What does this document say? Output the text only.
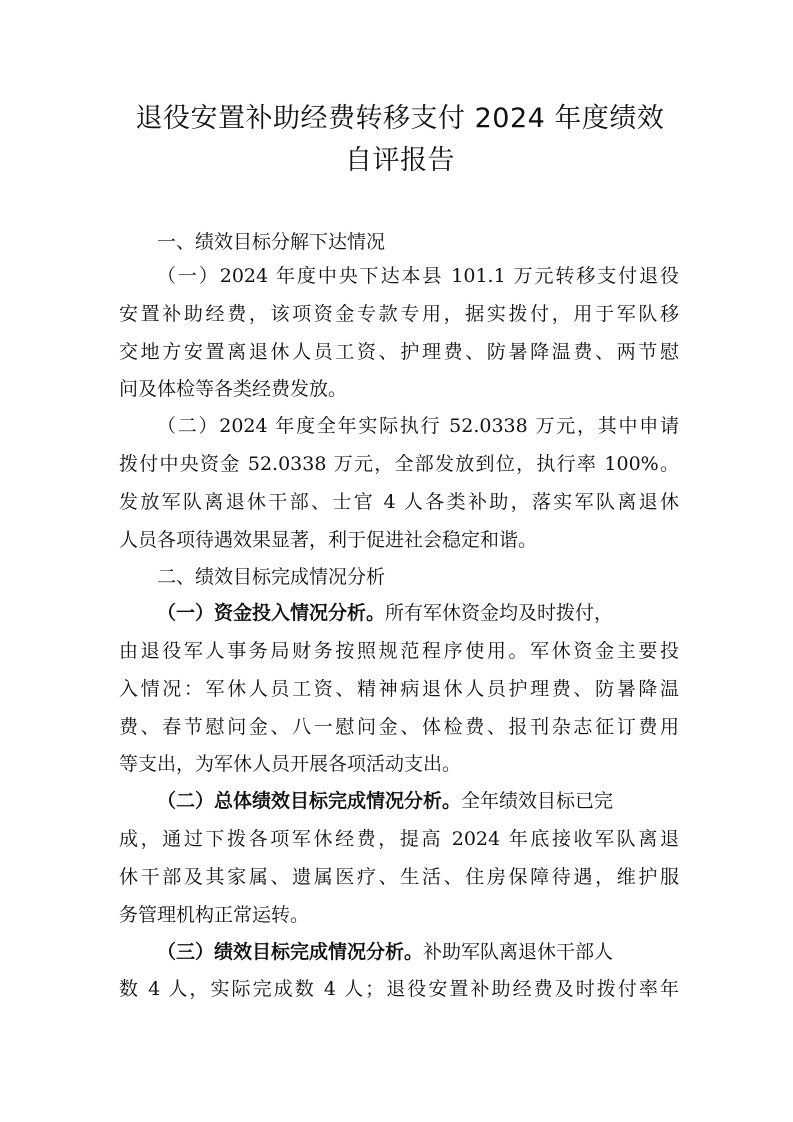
退役安置补助经费转移支付 2024 年度绩效
自评报告
一、绩效目标分解下达情况
（一）2024 年度中央下达本县 101.1 万元转移支付退役
安置补助经费，该项资金专款专用，据实拨付，用于军队移
交地方安置离退休人员工资、护理费、防暑降温费、两节慰
问及体检等各类经费发放。
（二）2024 年度全年实际执行 52.0338 万元，其中申请
拨付中央资金 52.0338 万元，全部发放到位，执行率 100%。
发放军队离退休干部、士官 4 人各类补助，落实军队离退休
人员各项待遇效果显著，利于促进社会稳定和谐。
二、绩效目标完成情况分析
（一）资金投入情况分析。所有军休资金均及时拨付，
由退役军人事务局财务按照规范程序使用。军休资金主要投
入情况：军休人员工资、精神病退休人员护理费、防暑降温
费、春节慰问金、八一慰问金、体检费、报刊杂志征订费用
等支出，为军休人员开展各项活动支出。
（二）总体绩效目标完成情况分析。全年绩效目标已完
成，通过下拨各项军休经费，提高 2024 年底接收军队离退
休干部及其家属、遗属医疗、生活、住房保障待遇，维护服
务管理机构正常运转。
（三）绩效目标完成情况分析。补助军队离退休干部人
数 4 人，实际完成数 4 人；退役安置补助经费及时拨付率年
